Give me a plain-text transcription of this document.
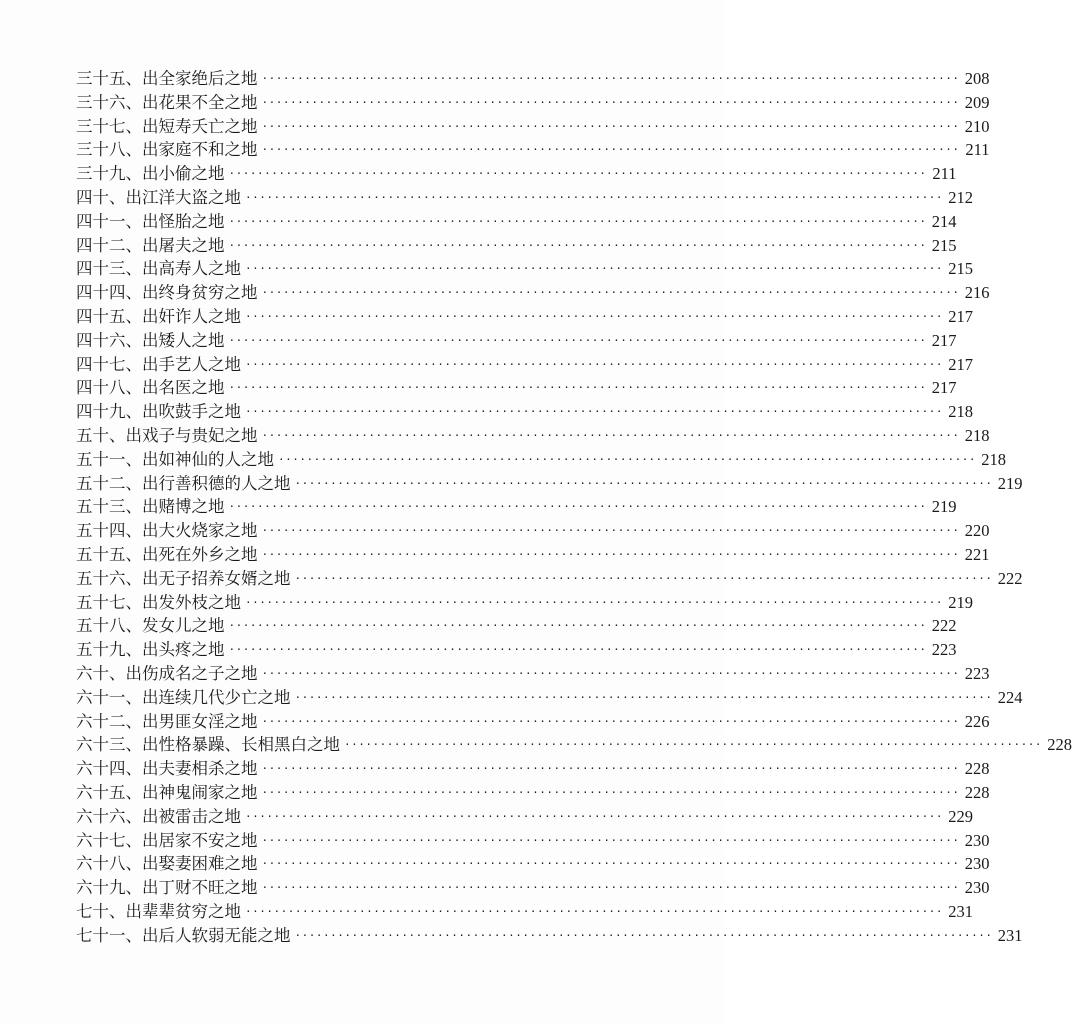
三十五、出全家绝后之地 ·································································································· 208
三十六、出花果不全之地 ·································································································· 209
三十七、出短寿夭亡之地 ·································································································· 210
三十八、出家庭不和之地 ·································································································· 211
三十九、出小偷之地 ·································································································· 211
四十、出江洋大盗之地 ·································································································· 212
四十一、出怪胎之地 ·································································································· 214
四十二、出屠夫之地 ·································································································· 215
四十三、出高寿人之地 ·································································································· 215
四十四、出终身贫穷之地 ·································································································· 216
四十五、出奸诈人之地 ·································································································· 217
四十六、出矮人之地 ·································································································· 217
四十七、出手艺人之地 ·································································································· 217
四十八、出名医之地 ·································································································· 217
四十九、出吹鼓手之地 ·································································································· 218
五十、出戏子与贵妃之地 ·································································································· 218
五十一、出如神仙的人之地 ·································································································· 218
五十二、出行善积德的人之地 ·································································································· 219
五十三、出赌博之地 ·································································································· 219
五十四、出大火烧家之地 ·································································································· 220
五十五、出死在外乡之地 ·································································································· 221
五十六、出无子招养女婿之地 ·································································································· 222
五十七、出发外枝之地 ·································································································· 219
五十八、发女儿之地 ·································································································· 222
五十九、出头疼之地 ·································································································· 223
六十、出伤成名之子之地 ·································································································· 223
六十一、出连续几代少亡之地 ·································································································· 224
六十二、出男匪女淫之地 ·································································································· 226
六十三、出性格暴躁、长相黑白之地 ·································································································· 228
六十四、出夫妻相杀之地 ·································································································· 228
六十五、出神鬼闹家之地 ·································································································· 228
六十六、出被雷击之地 ·································································································· 229
六十七、出居家不安之地 ·································································································· 230
六十八、出娶妻困难之地 ·································································································· 230
六十九、出丁财不旺之地 ·································································································· 230
七十、出辈辈贫穷之地 ·································································································· 231
七十一、出后人软弱无能之地 ·································································································· 231
